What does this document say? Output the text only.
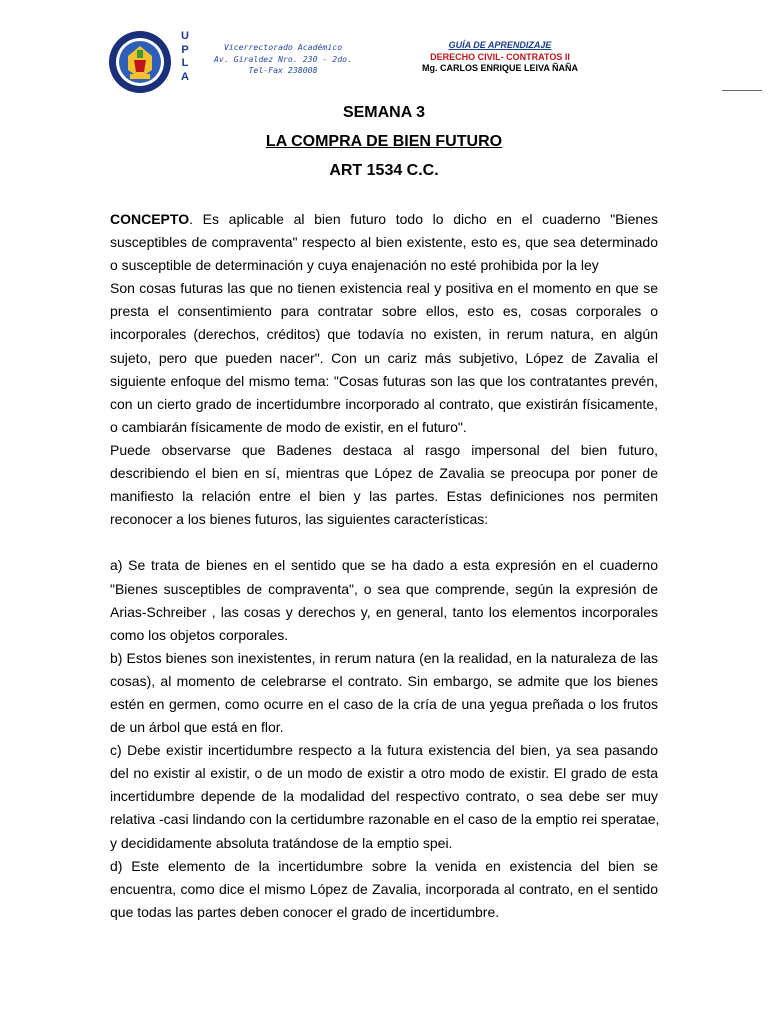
U
P
L
A
Vicerrectorado Académico
Av. Giraldez Nro. 230 - 2do.
Tel-Fax 238008
GUÍA DE APRENDIZAJE
DERECHO CIVIL- CONTRATOS II
Mg. CARLOS ENRIQUE LEIVA ÑAÑA
SEMANA 3
LA COMPRA DE BIEN FUTURO
ART 1534 C.C.
CONCEPTO. Es aplicable al bien futuro todo lo dicho en el cuaderno "Bienes
susceptibles de compraventa" respecto al bien existente, esto es, que sea determinado
o susceptible de determinación y cuya enajenación no esté prohibida por la ley
Son cosas futuras las que no tienen existencia real y positiva en el momento en que se
presta el consentimiento para contratar sobre ellos, esto es, cosas corporales o
incorporales (derechos, créditos) que todavía no existen, in rerum natura, en algún
sujeto, pero que pueden nacer". Con un cariz más subjetivo, López de Zavalia el
siguiente enfoque del mismo tema: "Cosas futuras son las que los contratantes prevén,
con un cierto grado de incertidumbre incorporado al contrato, que existirán físicamente,
o cambiarán físicamente de modo de existir, en el futuro".
Puede observarse que Badenes destaca al rasgo impersonal del bien futuro,
describiendo el bien en sí, mientras que López de Zavalia se preocupa por poner de
manifiesto la relación entre el bien y las partes. Estas definiciones nos permiten
reconocer a los bienes futuros, las siguientes características:
a) Se trata de bienes en el sentido que se ha dado a esta expresión en el cuaderno
"Bienes susceptibles de compraventa", o sea que comprende, según la expresión de
Arias-Schreiber , las cosas y derechos y, en general, tanto los elementos incorporales
como los objetos corporales.
b) Estos bienes son inexistentes, in rerum natura (en la realidad, en la naturaleza de las
cosas), al momento de celebrarse el contrato. Sin embargo, se admite que los bienes
estén en germen, como ocurre en el caso de la cría de una yegua preñada o los frutos
de un árbol que está en flor.
c) Debe existir incertidumbre respecto a la futura existencia del bien, ya sea pasando
del no existir al existir, o de un modo de existir a otro modo de existir. El grado de esta
incertidumbre depende de la modalidad del respectivo contrato, o sea debe ser muy
relativa -casi lindando con la certidumbre razonable en el caso de la emptio rei speratae,
y decididamente absoluta tratándose de la emptio spei.
d) Este elemento de la incertidumbre sobre la venida en existencia del bien se
encuentra, como dice el mismo López de Zavalia, incorporada al contrato, en el sentido
que todas las partes deben conocer el grado de incertidumbre.
